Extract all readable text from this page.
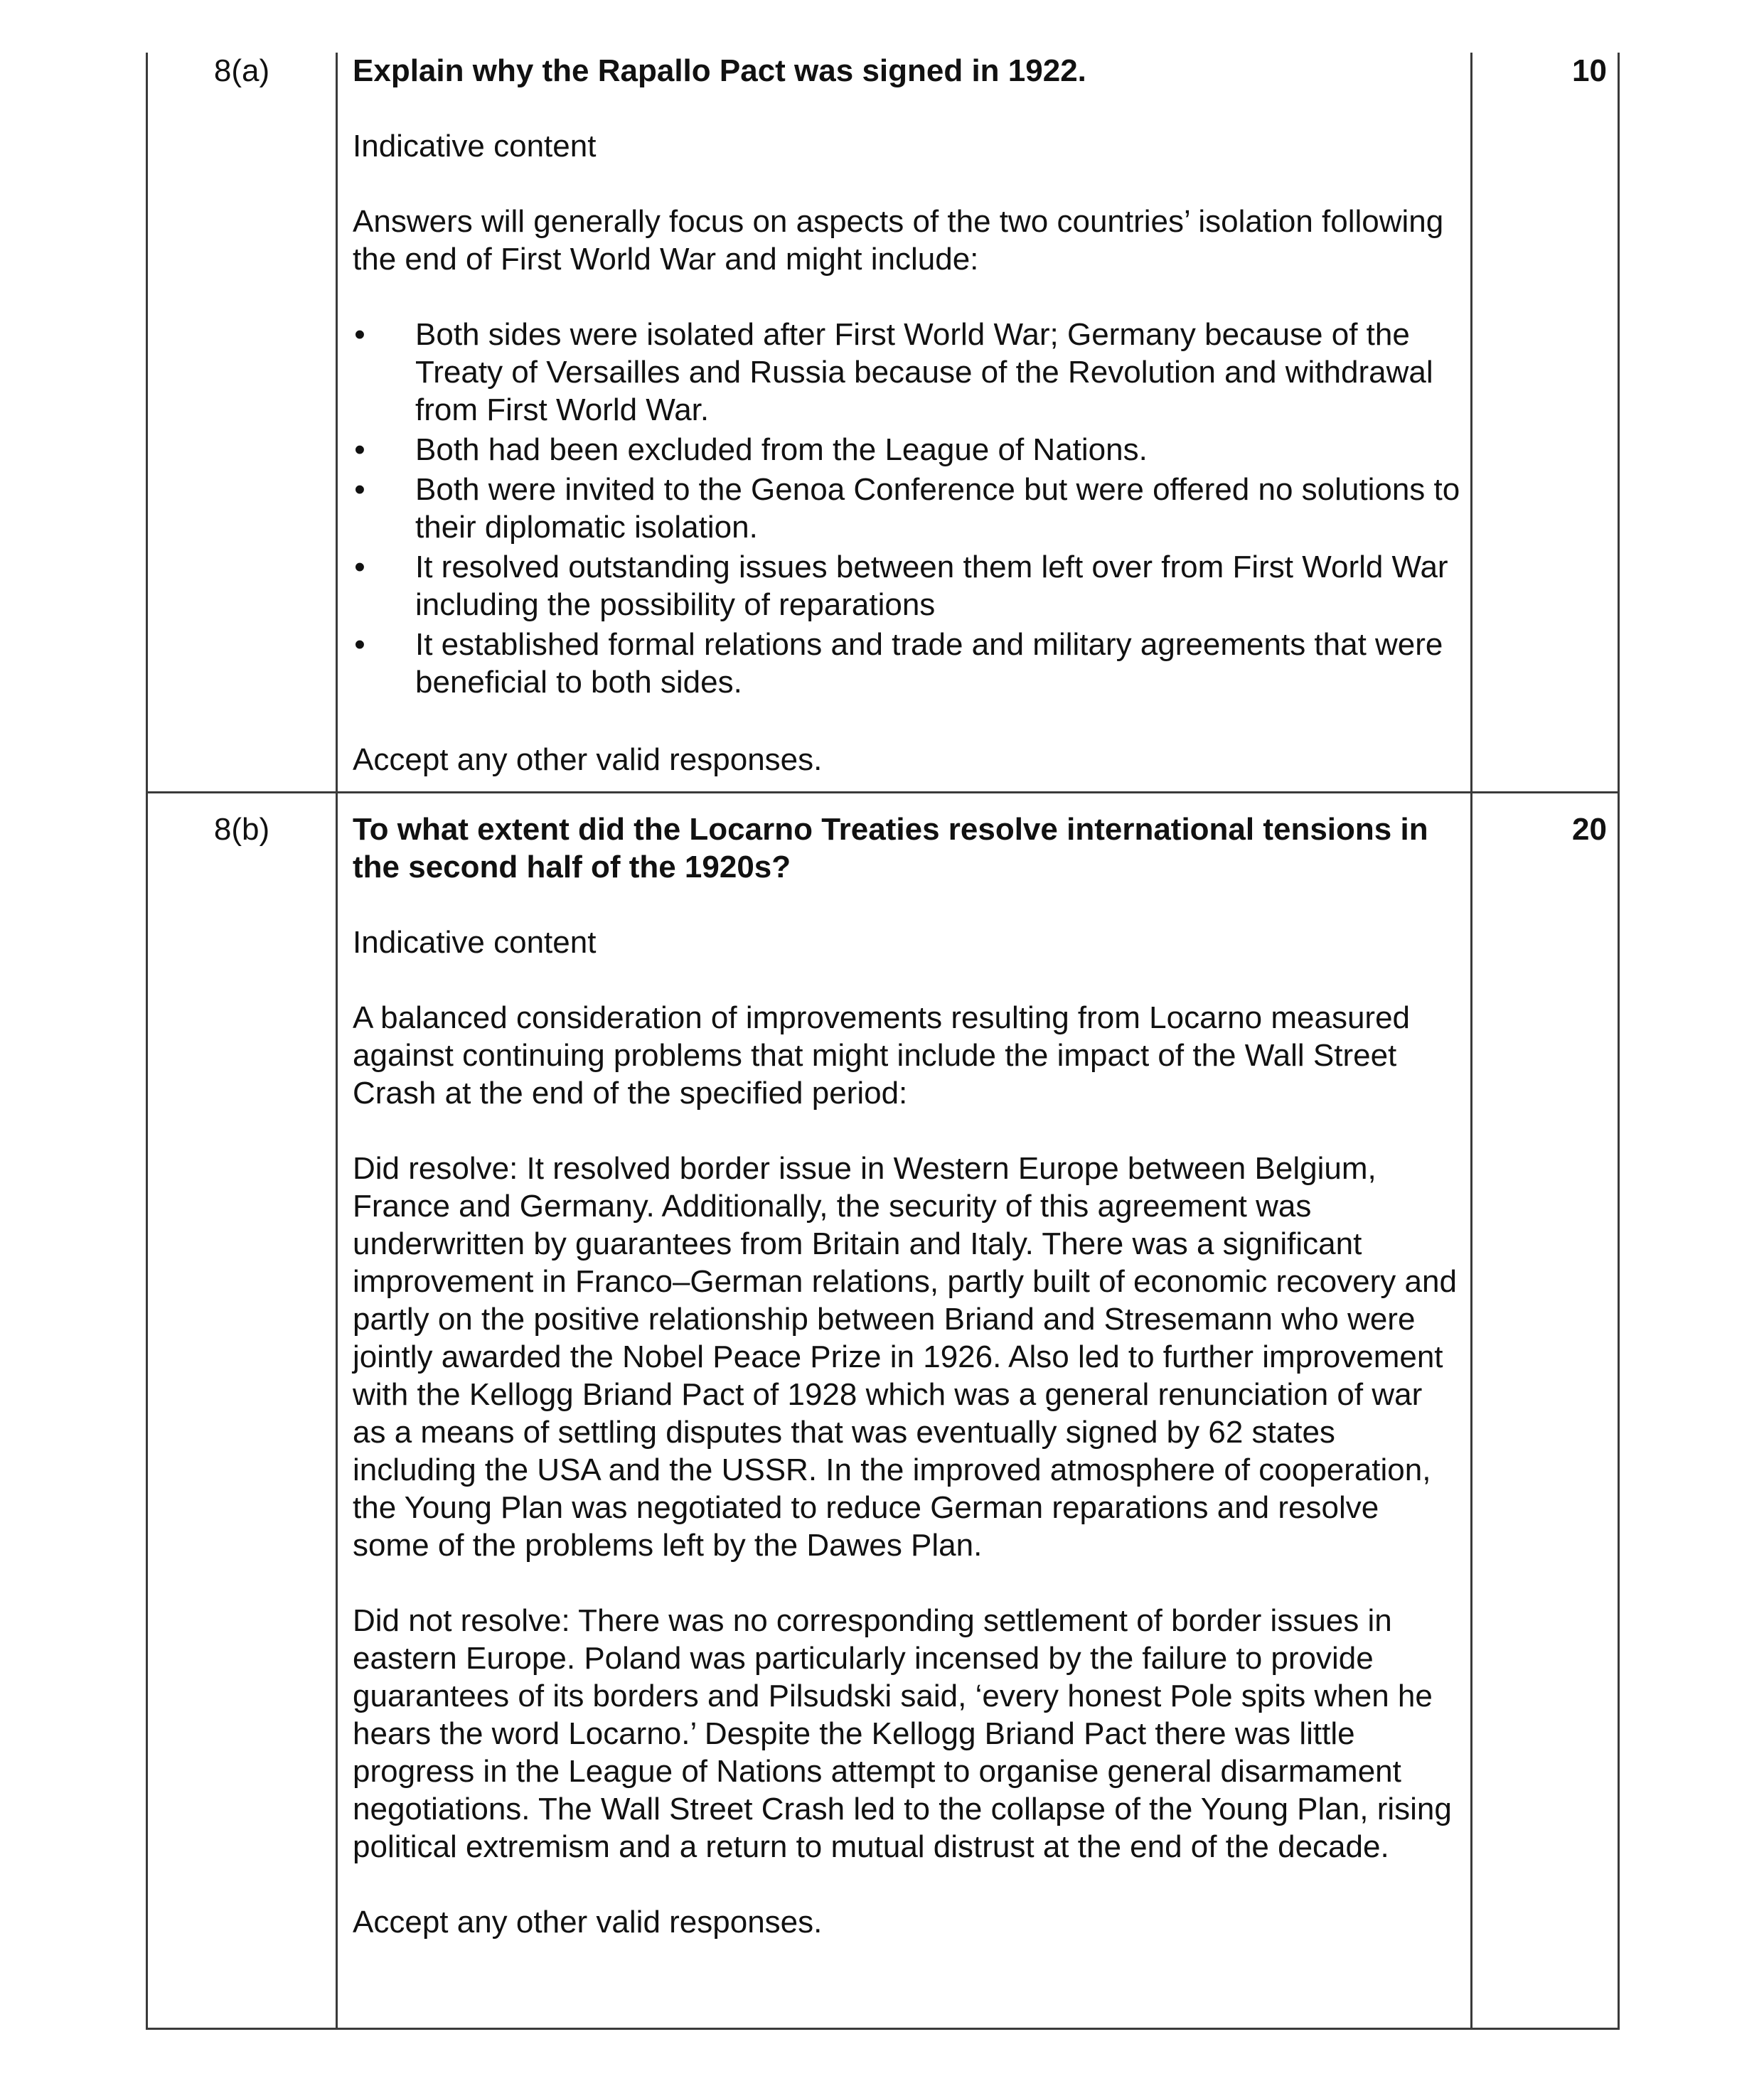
8(a)	10

Explain why the Rapallo Pact was signed in 1922.

Indicative content

Answers will generally focus on aspects of the two countries’ isolation following the end of First World War and might include:

• Both sides were isolated after First World War; Germany because of the Treaty of Versailles and Russia because of the Revolution and withdrawal from First World War.
• Both had been excluded from the League of Nations.
• Both were invited to the Genoa Conference but were offered no solutions to their diplomatic isolation.
• It resolved outstanding issues between them left over from First World War including the possibility of reparations
• It established formal relations and trade and military agreements that were beneficial to both sides.

Accept any other valid responses.

8(b)	20

To what extent did the Locarno Treaties resolve international tensions in the second half of the 1920s?

Indicative content

A balanced consideration of improvements resulting from Locarno measured against continuing problems that might include the impact of the Wall Street Crash at the end of the specified period:

Did resolve: It resolved border issue in Western Europe between Belgium, France and Germany. Additionally, the security of this agreement was underwritten by guarantees from Britain and Italy. There was a significant improvement in Franco–German relations, partly built of economic recovery and partly on the positive relationship between Briand and Stresemann who were jointly awarded the Nobel Peace Prize in 1926. Also led to further improvement with the Kellogg Briand Pact of 1928 which was a general renunciation of war as a means of settling disputes that was eventually signed by 62 states including the USA and the USSR. In the improved atmosphere of cooperation, the Young Plan was negotiated to reduce German reparations and resolve some of the problems left by the Dawes Plan.

Did not resolve: There was no corresponding settlement of border issues in eastern Europe. Poland was particularly incensed by the failure to provide guarantees of its borders and Pilsudski said, ‘every honest Pole spits when he hears the word Locarno.’ Despite the Kellogg Briand Pact there was little progress in the League of Nations attempt to organise general disarmament negotiations. The Wall Street Crash led to the collapse of the Young Plan, rising political extremism and a return to mutual distrust at the end of the decade.

Accept any other valid responses.
